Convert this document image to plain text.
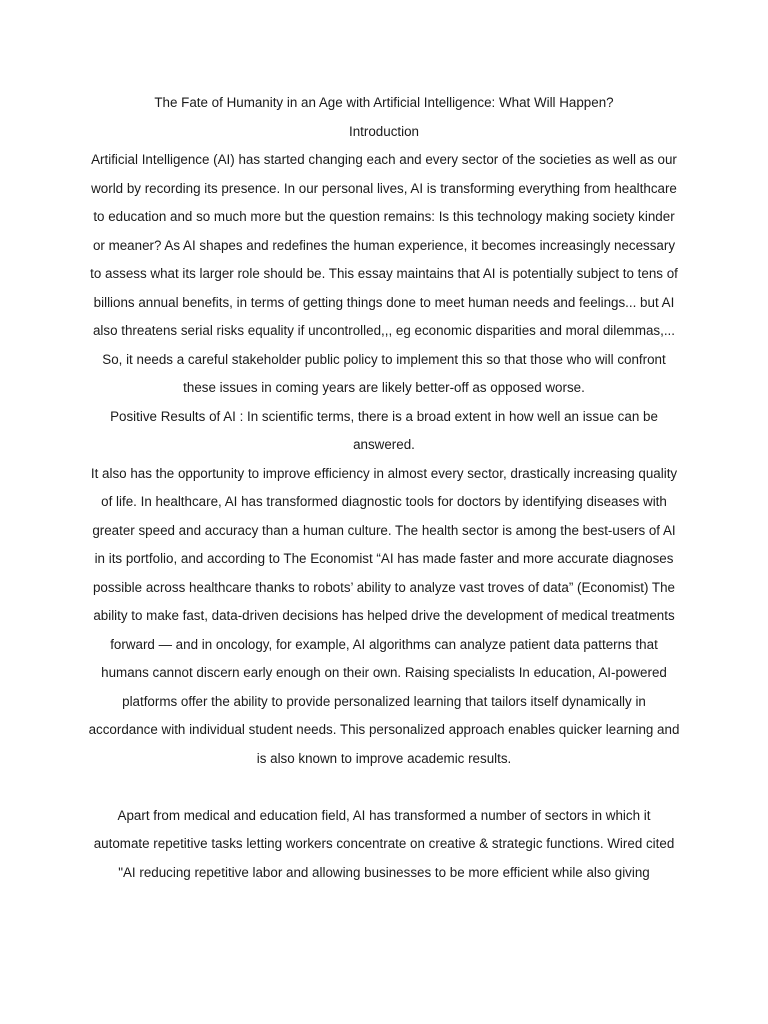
The Fate of Humanity in an Age with Artificial Intelligence: What Will Happen?

Introduction

Artificial Intelligence (AI) has started changing each and every sector of the societies as well as our world by recording its presence. In our personal lives, AI is transforming everything from healthcare to education and so much more but the question remains: Is this technology making society kinder or meaner? As AI shapes and redefines the human experience, it becomes increasingly necessary to assess what its larger role should be. This essay maintains that AI is potentially subject to tens of billions annual benefits, in terms of getting things done to meet human needs and feelings... but AI also threatens serial risks equality if uncontrolled,,, eg economic disparities and moral dilemmas,... So, it needs a careful stakeholder public policy to implement this so that those who will confront these issues in coming years are likely better-off as opposed worse.

Positive Results of AI : In scientific terms, there is a broad extent in how well an issue can be answered.

It also has the opportunity to improve efficiency in almost every sector, drastically increasing quality of life. In healthcare, AI has transformed diagnostic tools for doctors by identifying diseases with greater speed and accuracy than a human culture. The health sector is among the best-users of AI in its portfolio, and according to The Economist “AI has made faster and more accurate diagnoses possible across healthcare thanks to robots’ ability to analyze vast troves of data” (Economist) The ability to make fast, data-driven decisions has helped drive the development of medical treatments forward — and in oncology, for example, AI algorithms can analyze patient data patterns that humans cannot discern early enough on their own. Raising specialists In education, AI-powered platforms offer the ability to provide personalized learning that tailors itself dynamically in accordance with individual student needs. This personalized approach enables quicker learning and is also known to improve academic results.

Apart from medical and education field, AI has transformed a number of sectors in which it automate repetitive tasks letting workers concentrate on creative & strategic functions. Wired cited "AI reducing repetitive labor and allowing businesses to be more efficient while also giving
